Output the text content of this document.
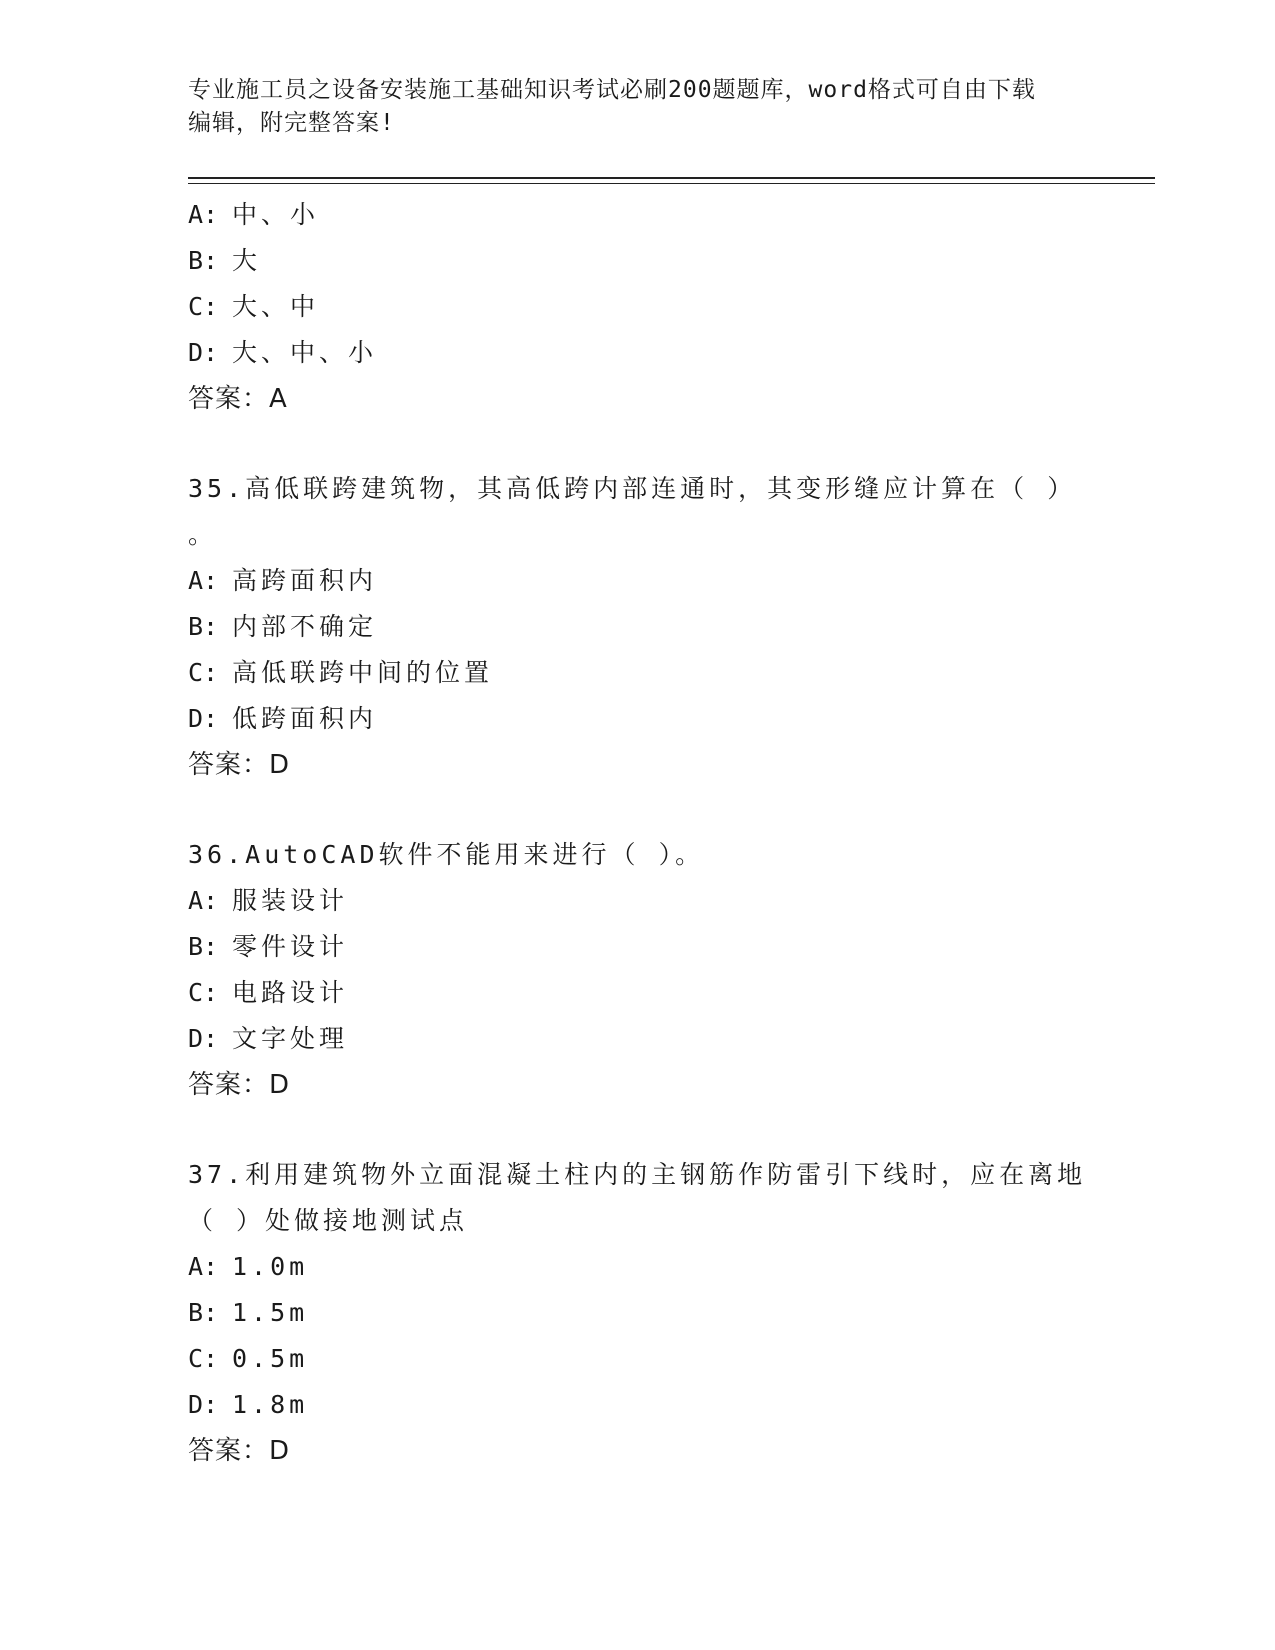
专业施工员之设备安装施工基础知识考试必刷200题题库，word格式可自由下载
编辑，附完整答案!
A: 中、小
B: 大
C: 大、中
D: 大、中、小
答案：A
35.高低联跨建筑物，其高低跨内部连通时，其变形缝应计算在（ ）
。
A: 高跨面积内
B: 内部不确定
C: 高低联跨中间的位置
D: 低跨面积内
答案：D
36.AutoCAD软件不能用来进行（ ）。
A: 服装设计
B: 零件设计
C: 电路设计
D: 文字处理
答案：D
37.利用建筑物外立面混凝土柱内的主钢筋作防雷引下线时，应在离地
（ ）处做接地测试点
A: 1.0m
B: 1.5m
C: 0.5m
D: 1.8m
答案：D
